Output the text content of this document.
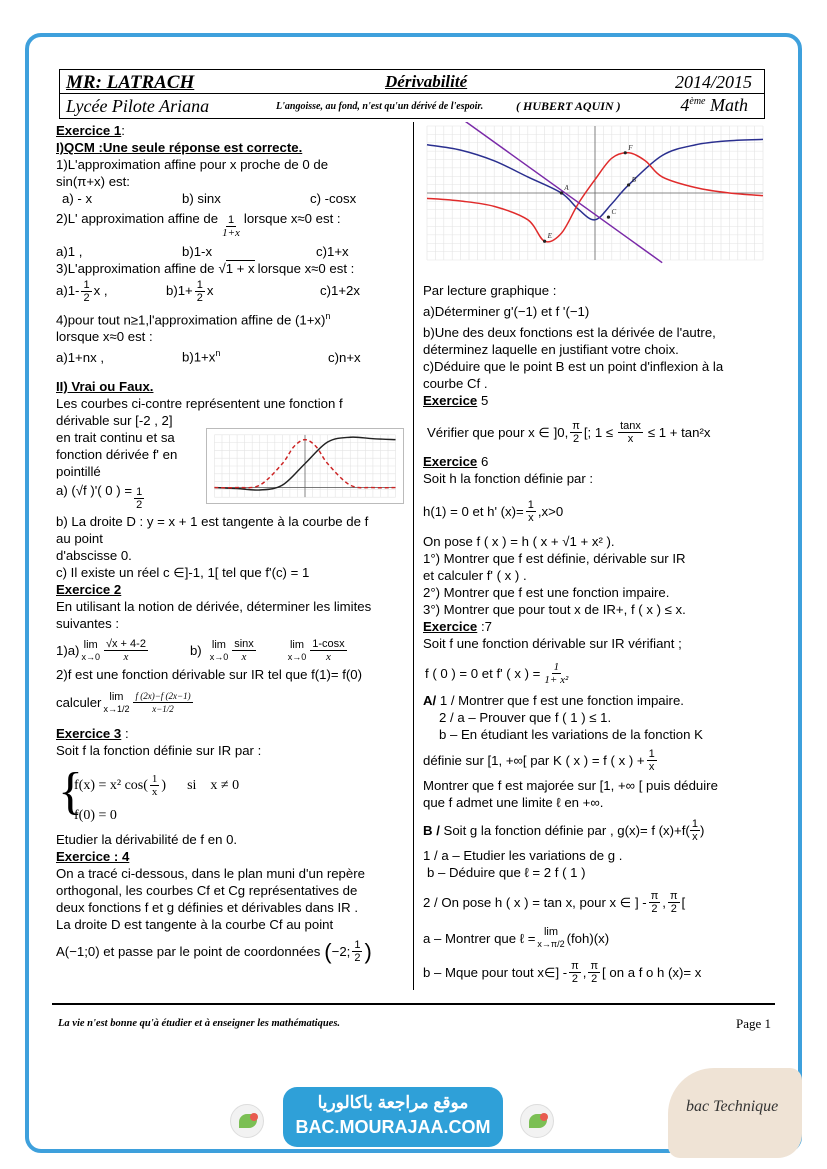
MR: LATRACH	Dérivabilité	2014/2015
Lycée Pilote Ariana	L'angoisse, au fond, n'est qu'un dérivé de l'espoir.	( HUBERT AQUIN )	4ème Math
Exercice 1:
I)QCM :Une seule réponse est correcte.
1)L'approximation affine pour x proche de 0 de
sin(π+x) est:
a) - x	b) sinx	c) -cosx
2)L' approximation affine de $\frac{1}{1+x}$ lorsque x≈0 est :
a)1 ,	b)1-x	c)1+x
3)L'approximation affine de √1 + x lorsque x≈0 est :
$a)1- \frac{1}{2}$ x ,	$b)1+ \frac{1}{2}$ x	c)1+2x
4)pour tout n≥1,l'approximation affine de $(1+x)^n$
lorsque x≈0 est :
a)1+nx ,	$b)1+x^n$	c)n+x
II) Vrai ou Faux.
Les courbes ci-contre représentent une fonction f
dérivable sur [-2 , 2]
en trait continu et sa
fonction dérivée f' en
pointillé
a) (√f )'( 0 ) = $\frac{1}{2}$
b) La droite D : y = x + 1 est tangente à la courbe de f
au point
d'abscisse 0.
c) Il existe un réel c ∈]-1, 1[ tel que f'(c) = 1
Exercice 2
En utilisant la notion de dérivée, déterminer les limites
suivantes :
1)a) lim
$x\to 0 \frac{√x + 4-2}{x}$	b) lim
$x\to 0 \frac{\sin x}{x}$	lim
$x\to 0 \frac{1-\cos x}{x}$
2)f est une fonction dérivable sur IR tel que f(1)= f(0)
calculer lim
$x\to 1/2 \frac{f (2x)-f (2x-1)}{x-1/2}$
Exercice 3 :
Soit f la fonction définie sur IR par :
{
f(x) = x² $\cos( \frac{1}{x}$ )      si    x ≠ 0
f(0) = 0
Etudier la dérivabilité de f en 0.
Exercice : 4
On a tracé ci-dessous, dans le plan muni d'un repère
orthogonal, les courbes Cf et Cg représentatives de
deux fonctions f et g définies et dérivables dans IR .
La droite D est tangente à la courbe Cf au point
A(−1;0) et passe par le point de coordonnées ( −2; $\frac{1}{2}$ )
A
B
C
E
F
Par lecture graphique :
a)Déterminer g'(−1) et f '(−1)
b)Une des deux fonctions est la dérivée de l'autre,
déterminez laquelle en justifiant votre choix.
c)Déduire que le point B est un point d'inflexion à la
courbe Cf .
Exercice 5
Vérifier que pour x ∈ ]0, $\frac{\pi}{2}$ [; $1 \le \frac{\tan x}{x} \le 1 + \tan^2x$
Exercice 6
Soit h la fonction définie par :
h(1) = 0 et h' $(x)= \frac{1}{x} ,x>0$
On pose f ( x ) = h ( x + √1 + x² ).
1°) Montrer que f est définie, dérivable sur IR
et calculer f' ( x ) .
2°) Montrer que f est une fonction impaire.
3°) Montrer que pour tout x de IR+, f ( x ) ≤ x.
Exercice :7
Soit f une fonction dérivable sur IR vérifiant ;
f ( 0 ) = 0 et f' ( x ) = $\frac{1}{\text{1+ x²}}$
A/ 1 / Montrer que f est une fonction impaire.
2 / a – Prouver que f ( 1 ) ≤ 1.
b – En étudiant les variations de la fonction K
définie sur [1, +∞[ par K ( x ) = f ( x ) + $\frac{1}{x}$
Montrer que f est majorée sur [1, +∞ [ puis déduire
que f admet une limite ℓ en +∞.
B / Soit g la fonction définie par , g(x)= f $(x)+f( \frac{1}{x}$ )
1 / a – Etudier les variations de g .
b – Déduire que ℓ = 2 f ( 1 )
2 / On pose h ( x ) = tan x, pour x ∈ ] - $\frac{\pi}{2}$ , $\frac{\pi}{2}$ [
a – Montrer que ℓ = lim
x→π/2 (foh)(x)
b – Mque pour tout x∈] - $\frac{\pi}{2}$ , $\frac{\pi}{2}$ [ on a f o h (x)= x
La vie n'est bonne qu'à étudier et à enseigner les mathématiques.	Page 1
موقع مراجعة باكالوريا
BAC.MOURAJAA.COM
bac Technique
